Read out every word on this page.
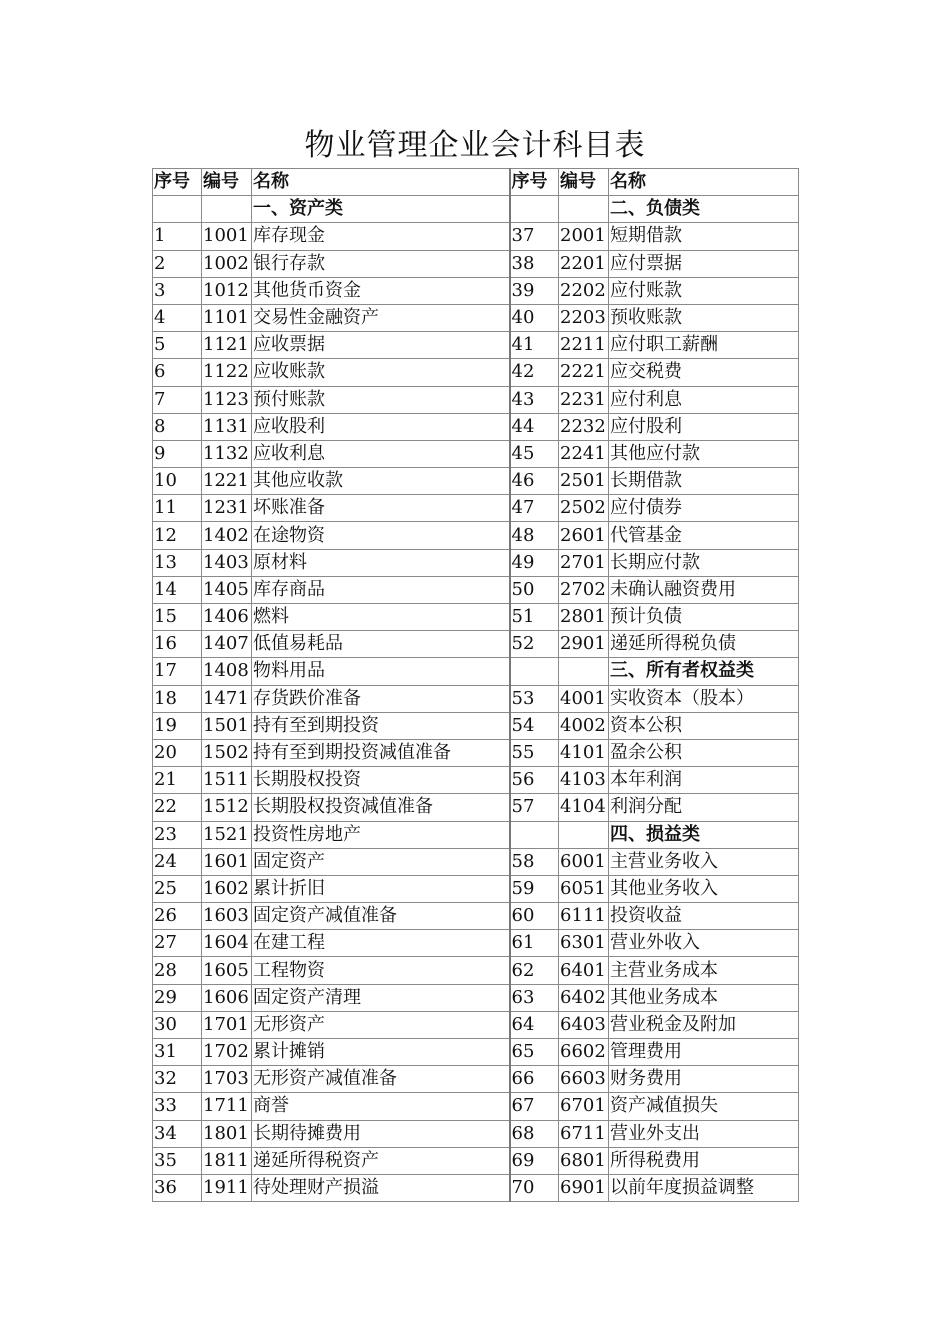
物业管理企业会计科目表
序号	编号	名称	序号	编号	名称
		一、资产类			二、负债类
1	1001	库存现金	37	2001	短期借款
2	1002	银行存款	38	2201	应付票据
3	1012	其他货币资金	39	2202	应付账款
4	1101	交易性金融资产	40	2203	预收账款
5	1121	应收票据	41	2211	应付职工薪酬
6	1122	应收账款	42	2221	应交税费
7	1123	预付账款	43	2231	应付利息
8	1131	应收股利	44	2232	应付股利
9	1132	应收利息	45	2241	其他应付款
10	1221	其他应收款	46	2501	长期借款
11	1231	坏账准备	47	2502	应付债券
12	1402	在途物资	48	2601	代管基金
13	1403	原材料	49	2701	长期应付款
14	1405	库存商品	50	2702	未确认融资费用
15	1406	燃料	51	2801	预计负债
16	1407	低值易耗品	52	2901	递延所得税负债
17	1408	物料用品			三、所有者权益类
18	1471	存货跌价准备	53	4001	实收资本（股本）
19	1501	持有至到期投资	54	4002	资本公积
20	1502	持有至到期投资减值准备	55	4101	盈余公积
21	1511	长期股权投资	56	4103	本年利润
22	1512	长期股权投资减值准备	57	4104	利润分配
23	1521	投资性房地产			四、损益类
24	1601	固定资产	58	6001	主营业务收入
25	1602	累计折旧	59	6051	其他业务收入
26	1603	固定资产减值准备	60	6111	投资收益
27	1604	在建工程	61	6301	营业外收入
28	1605	工程物资	62	6401	主营业务成本
29	1606	固定资产清理	63	6402	其他业务成本
30	1701	无形资产	64	6403	营业税金及附加
31	1702	累计摊销	65	6602	管理费用
32	1703	无形资产减值准备	66	6603	财务费用
33	1711	商誉	67	6701	资产减值损失
34	1801	长期待摊费用	68	6711	营业外支出
35	1811	递延所得税资产	69	6801	所得税费用
36	1911	待处理财产损溢	70	6901	以前年度损益调整
